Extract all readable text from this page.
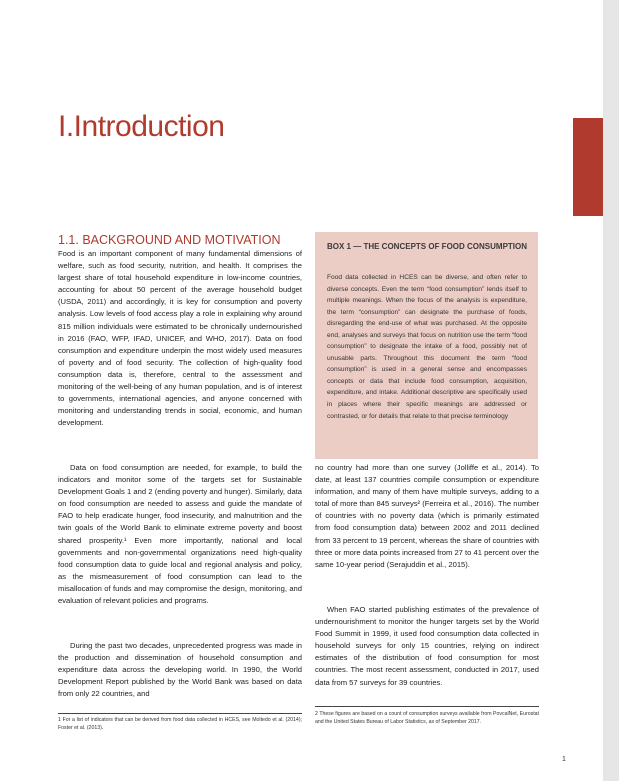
I.Introduction
1.1. BACKGROUND AND MOTIVATION

Food is an important component of many fundamental dimensions of welfare, such as food security, nutrition, and health. It comprises the largest share of total household expenditure in low-income countries, accounting for about 50 percent of the average household budget (USDA, 2011) and accordingly, it is key for consumption and poverty analysis. Low levels of food access play a role in explaining why around 815 million individuals were estimated to be chronically undernourished in 2016 (FAO, WFP, IFAD, UNICEF, and WHO, 2017). Data on food consumption and expenditure underpin the most widely used measures of poverty and of food security. The collection of high-quality food consumption data is, therefore, central to the assessment and monitoring of the well-being of any human population, and is of interest to governments, international agencies, and anyone concerned with monitoring and understanding trends in social, economic, and human development.

Data on food consumption are needed, for example, to build the indicators and monitor some of the targets set for Sustainable Development Goals 1 and 2 (ending poverty and hunger). Similarly, data on food consumption are needed to assess and guide the mandate of FAO to help eradicate hunger, food insecurity, and malnutrition and the twin goals of the World Bank to eliminate extreme poverty and boost shared prosperity.¹ Even more importantly, national and local governments and non-governmental organizations need high-quality food consumption data to guide local and regional analysis and policy, as the mismeasurement of food consumption can lead to the misallocation of funds and may compromise the design, monitoring, and evaluation of relevant policies and programs.

During the past two decades, unprecedented progress was made in the production and dissemination of household consumption and expenditure data across the developing world. In 1990, the World Development Report published by the World Bank was based on data from only 22 countries, and

BOX 1 — THE CONCEPTS OF FOOD CONSUMPTION

Food data collected in HCES can be diverse, and often refer to diverse concepts. Even the term “food consumption” lends itself to multiple meanings. When the focus of the analysis is expenditure, the term “consumption” can designate the purchase of foods, disregarding the end-use of what was purchased. At the opposite end, analyses and surveys that focus on nutrition use the term “food consumption” to designate the intake of a food, possibly net of unusable parts. Throughout this document the term “food consumption” is used in a general sense and encompasses concepts or data that include food consumption, acquisition, expenditure, and intake. Additional descriptive are specifically used in places where their specific meanings are addressed or contrasted, or for details that relate to that precise terminology

no country had more than one survey (Jolliffe et al., 2014). To date, at least 137 countries compile consumption or expenditure information, and many of them have multiple surveys, adding to a total of more than 845 surveys² (Ferreira et al., 2016). The number of countries with no poverty data (which is primarily estimated from food consumption data) between 2002 and 2011 declined from 33 percent to 19 percent, whereas the share of countries with three or more data points increased from 27 to 41 percent over the same 10-year period (Serajuddin et al., 2015).

When FAO started publishing estimates of the prevalence of undernourishment to monitor the hunger targets set by the World Food Summit in 1999, it used food consumption data collected in household surveys for only 15 countries, relying on indirect estimates of the distribution of food consumption for most countries. The most recent assessment, conducted in 2017, used data from 57 surveys for 39 countries.

1 For a list of indicators that can be derived from food data collected in HCES, see Moltedo et al. (2014); Foster et al. (2013).

2 These figures are based on a count of consumption surveys available from PovcalNet, Eurostat and the United States Bureau of Labor Statistics, as of September 2017.

1
